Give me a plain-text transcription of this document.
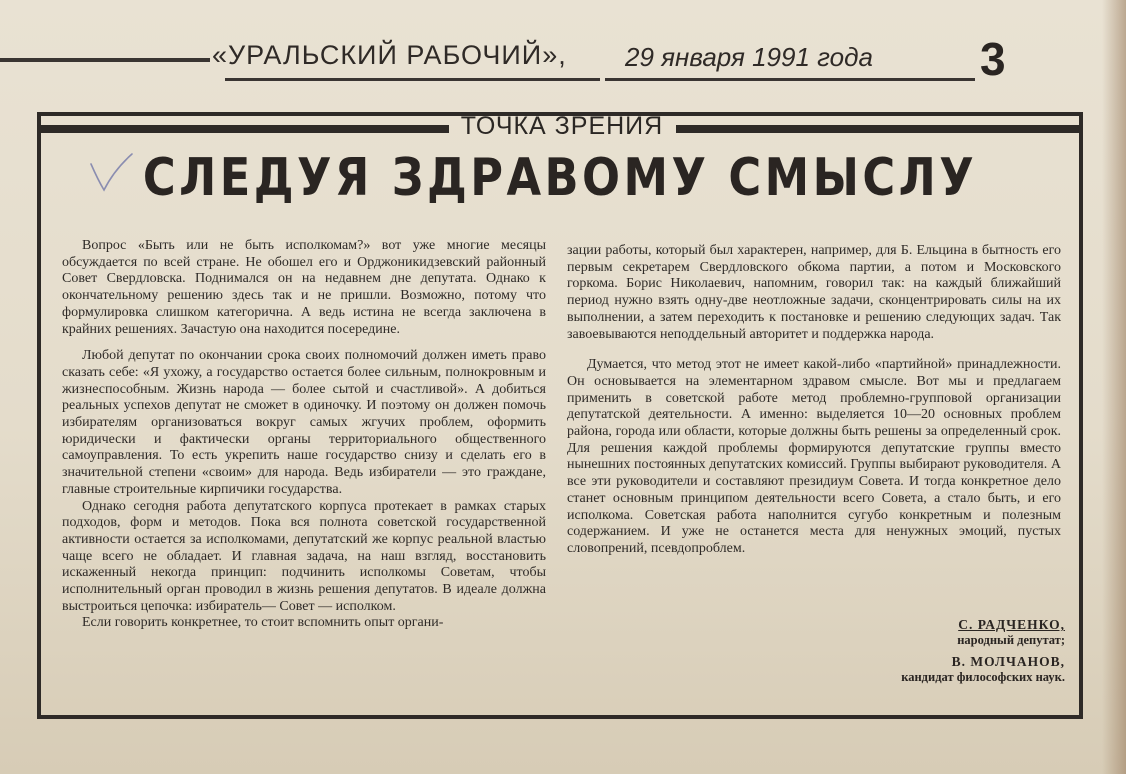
«УРАЛЬСКИЙ РАБОЧИЙ», 29 января 1991 года 3
ТОЧКА ЗРЕНИЯ
СЛЕДУЯ ЗДРАВОМУ СМЫСЛУ

Вопрос «Быть или не быть исполкомам?» вот уже многие месяцы обсуждается по всей стране. Не обошел его и Орджоникидзевский районный Совет Свердловска. Поднимался он на недавнем дне депутата. Однако к окончательному решению здесь так и не пришли. Возможно, потому что формулировка слишком категорична. А ведь истина не всегда заключена в крайних решениях. Зачастую она находится посередине.

Любой депутат по окончании срока своих полномочий должен иметь право сказать себе: «Я ухожу, а государство остается более сильным, полнокровным и жизнеспособным. Жизнь народа — более сытой и счастливой». А добиться реальных успехов депутат не сможет в одиночку. И поэтому он должен помочь избирателям организоваться вокруг самых жгучих проблем, оформить юридически и фактически органы территориального общественного самоуправления. То есть укрепить наше государство снизу и сделать его в значительной степени «своим» для народа. Ведь избиратели — это граждане, главные строительные кирпичики государства.

Однако сегодня работа депутатского корпуса протекает в рамках старых подходов, форм и методов. Пока вся полнота советской государственной активности остается за исполкомами, депутатский же корпус реальной властью чаще всего не обладает. И главная задача, на наш взгляд, восстановить искаженный некогда принцип: подчинить исполкомы Советам, чтобы исполнительный орган проводил в жизнь решения депутатов. В идеале должна выстроиться цепочка: избиратель— Совет — исполком.

Если говорить конкретнее, то стоит вспомнить опыт органи-

зации работы, который был характерен, например, для Б. Ельцина в бытность его первым секретарем Свердловского обкома партии, а потом и Московского горкома. Борис Николаевич, напомним, говорил так: на каждый ближайший период нужно взять одну-две неотложные задачи, сконцентрировать силы на их выполнении, а затем переходить к постановке и решению следующих задач. Так завоевываются неподдельный авторитет и поддержка народа.

Думается, что метод этот не имеет какой-либо «партийной» принадлежности. Он основывается на элементарном здравом смысле. Вот мы и предлагаем применить в советской работе метод проблемно-групповой организации депутатской деятельности. А именно: выделяется 10—20 основных проблем района, города или области, которые должны быть решены за определенный срок. Для решения каждой проблемы формируются депутатские группы вместо нынешних постоянных депутатских комиссий. Группы выбирают руководителя. А все эти руководители и составляют президиум Совета. И тогда конкретное дело станет основным принципом деятельности всего Совета, а стало быть, и его исполкома. Советская работа наполнится сугубо конкретным и полезным содержанием. И уже не останется места для ненужных эмоций, пустых словопрений, псевдопроблем.

С. РАДЧЕНКО,
народный депутат;
В. МОЛЧАНОВ,
кандидат философских наук.
